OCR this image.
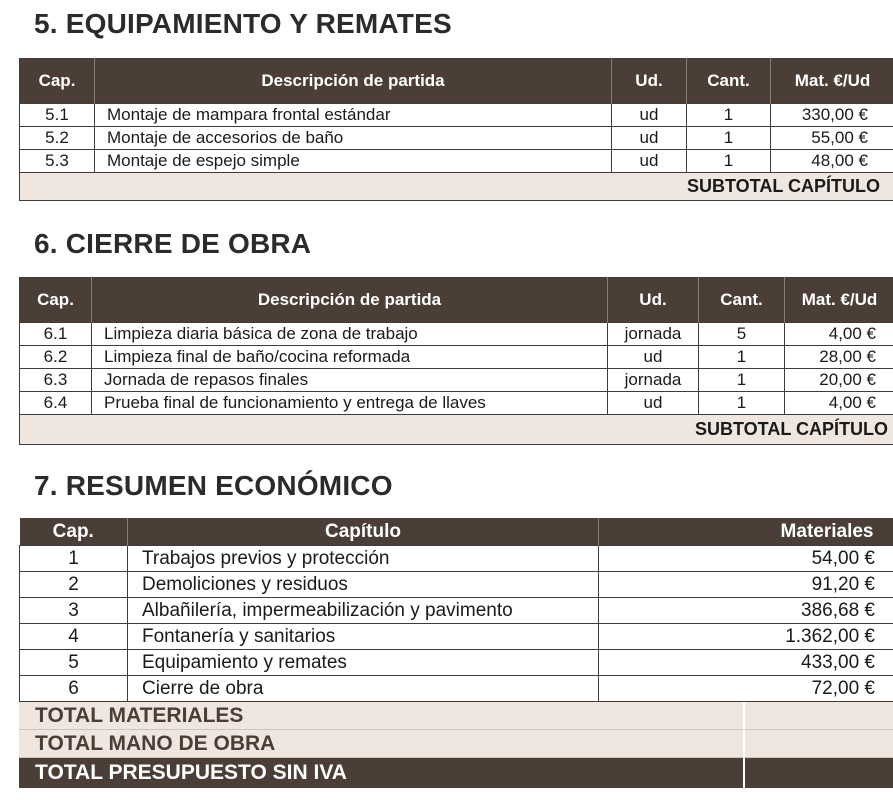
5. EQUIPAMIENTO Y REMATES
Cap.	Descripción de partida	Ud.	Cant.	Mat. €/Ud
5.1	Montaje de mampara frontal estándar	ud	1	330,00 €
5.2	Montaje de accesorios de baño	ud	1	55,00 €
5.3	Montaje de espejo simple	ud	1	48,00 €
SUBTOTAL CAPÍTULO				
6. CIERRE DE OBRA
Cap.	Descripción de partida	Ud.	Cant.	Mat. €/Ud
6.1	Limpieza diaria básica de zona de trabajo	jornada	5	4,00 €
6.2	Limpieza final de baño/cocina reformada	ud	1	28,00 €
6.3	Jornada de repasos finales	jornada	1	20,00 €
6.4	Prueba final de funcionamiento y entrega de llaves	ud	1	4,00 €
SUBTOTAL CAPÍTULO				
7. RESUMEN ECONÓMICO
Cap.	Capítulo	Materiales
1	Trabajos previos y protección	54,00 €
2	Demoliciones y residuos	91,20 €
3	Albañilería, impermeabilización y pavimento	386,68 €
4	Fontanería y sanitarios	1.362,00 €
5	Equipamiento y remates	433,00 €
6	Cierre de obra	72,00 €
TOTAL MATERIALES
TOTAL MANO DE OBRA
TOTAL PRESUPUESTO SIN IVA
